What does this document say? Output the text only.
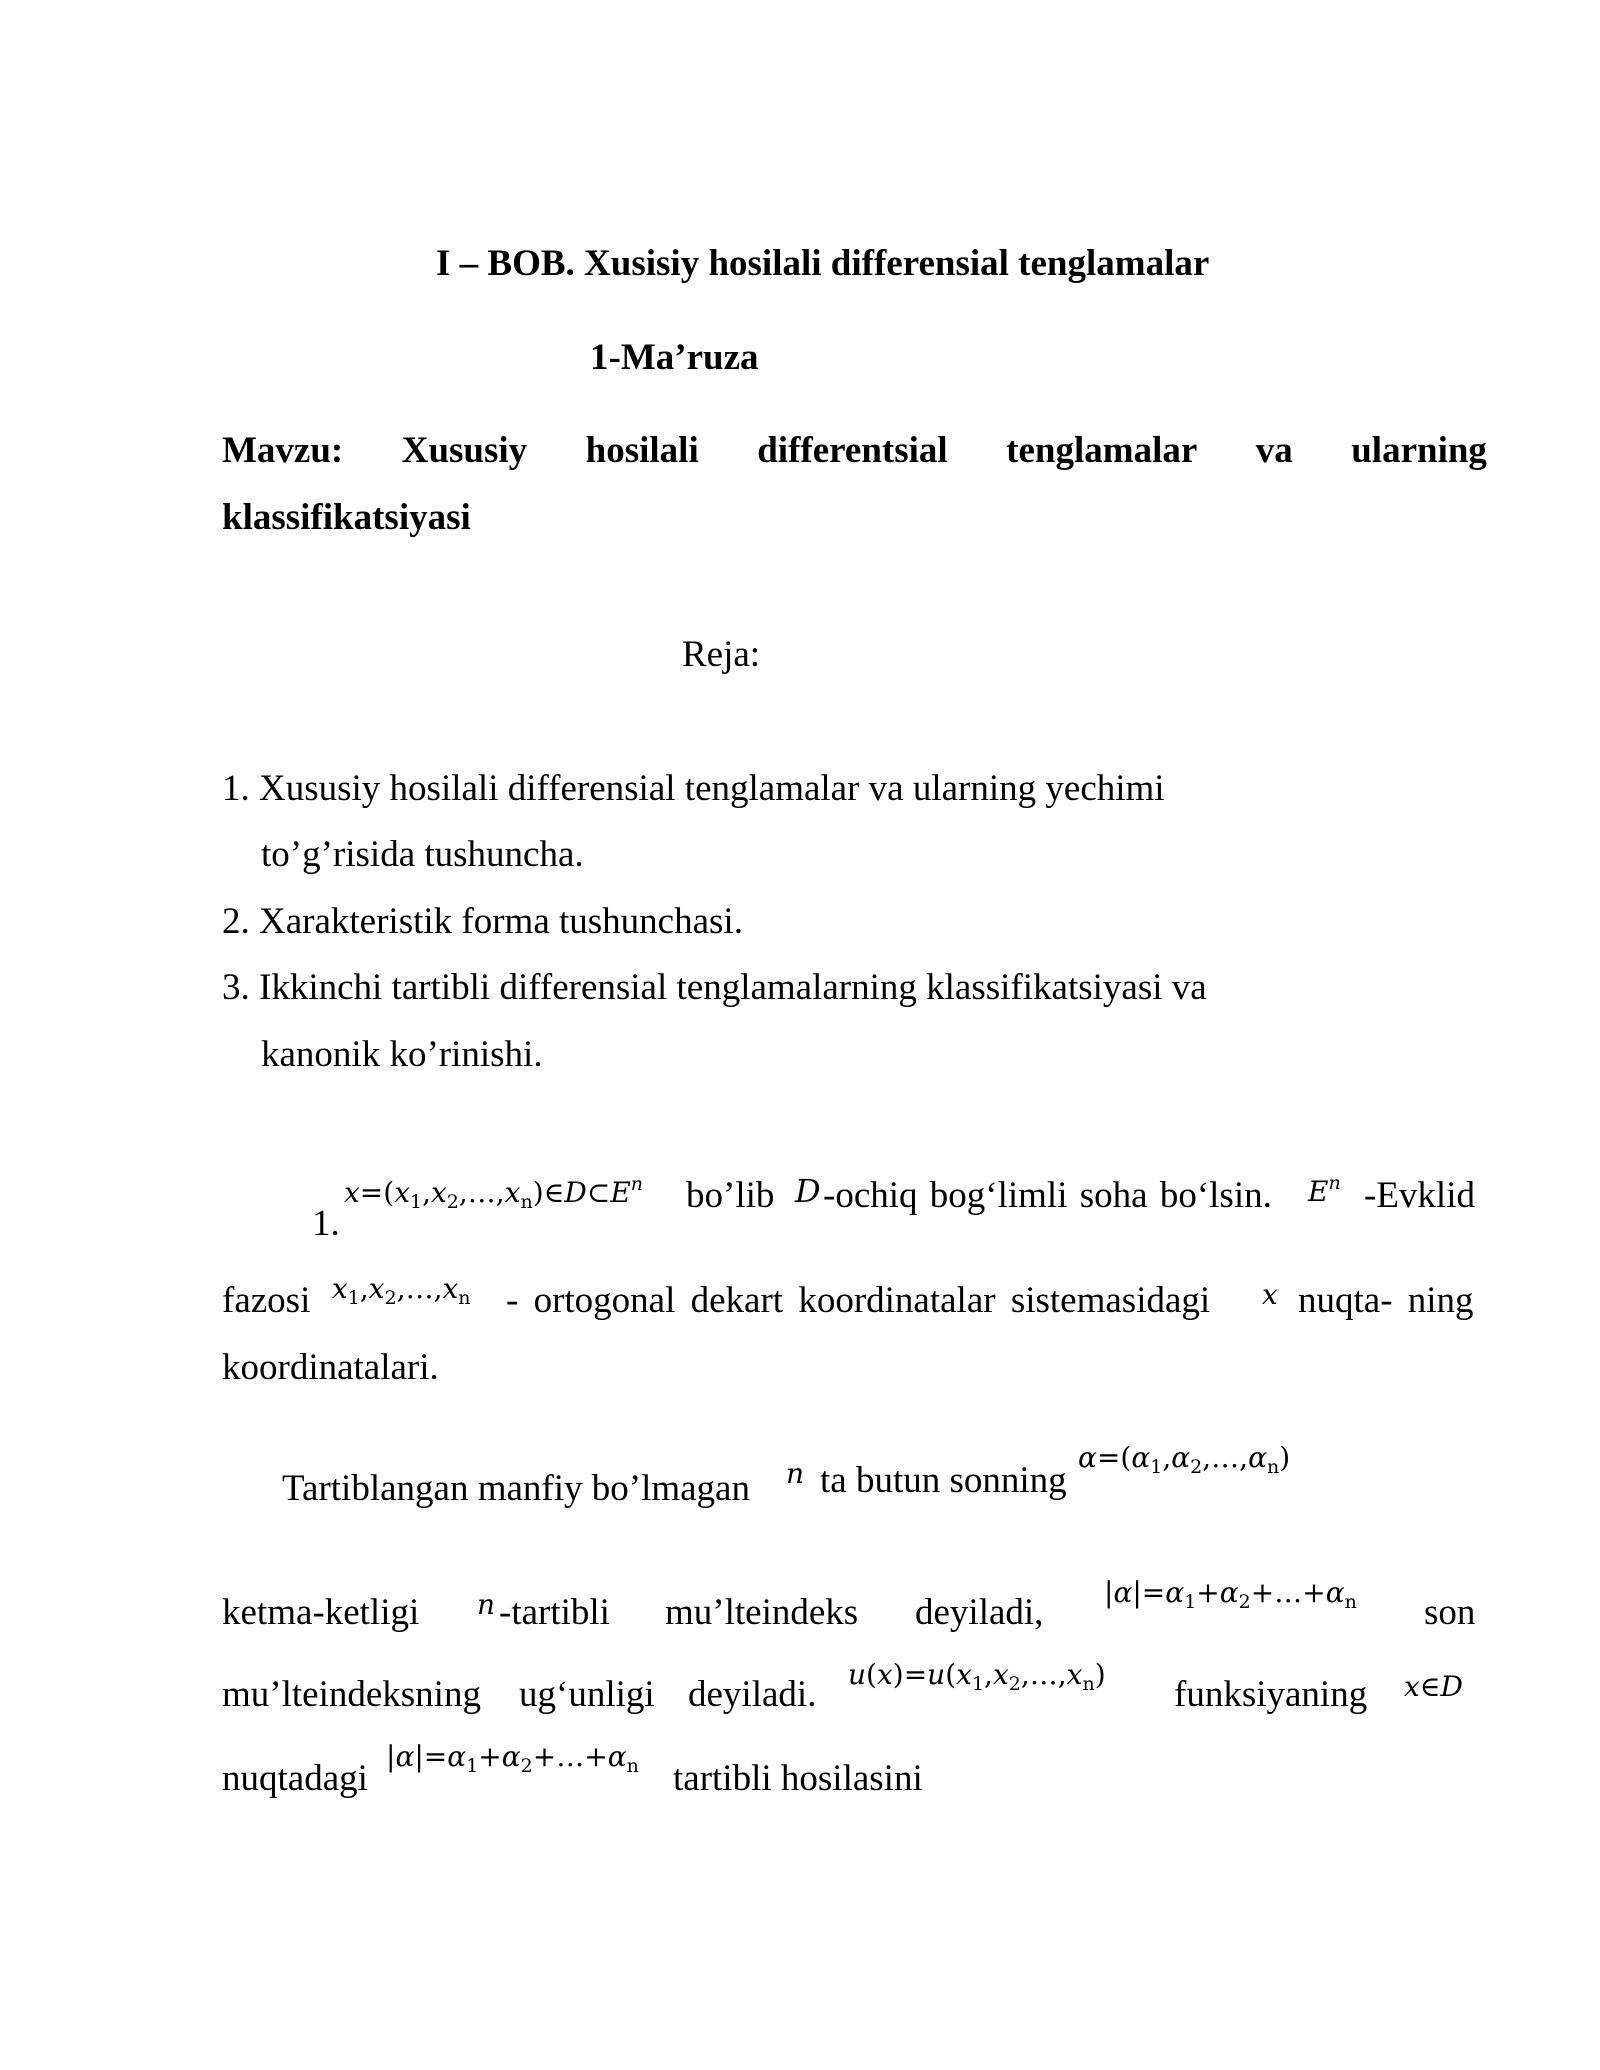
I – BOB. Xusisiy hosilali differensial tenglamalar
1-Ma’ruza
Mavzu: Xususiy hosilali differentsial tenglamalar va ularning
klassifikatsiyasi
Reja:
1. Xususiy hosilali differensial tenglamalar va ularning yechimi
to’g’risida tushuncha.
2. Xarakteristik forma tushunchasi.
3. Ikkinchi tartibli differensial tenglamalarning klassifikatsiyasi va
kanonik ko’rinishi.
1.
$x=(x_1,x_2,\dots,x_n)\in D\subset E^n$ bo’lib D -ochiq bog‘limli soha bo‘lsin. $E^n$ -Evklid
fazosi $x_1,x_2,\dots,x_n$ - ortogonal dekart koordinatalar sistemasidagi x nuqta- ning
koordinatalari.
Tartiblangan manfiy bo’lmagan n ta butun sonning
$\alpha=(\alpha_1,\alpha_2,\dots,\alpha_n)$
ketma-ketligi n -tartibli mu’lteindeks deyiladi, $|\alpha|=\alpha_1+\alpha_2+\dots+\alpha_n$ son
mu’lteindeksning ug‘unligi deyiladi. $u(x)=u(x_1,x_2,\dots,x_n)$ funksiyaning x∈D
nuqtadagi
$|\alpha|=\alpha_1+\alpha_2+\dots+\alpha_n$ tartibli hosilasini
